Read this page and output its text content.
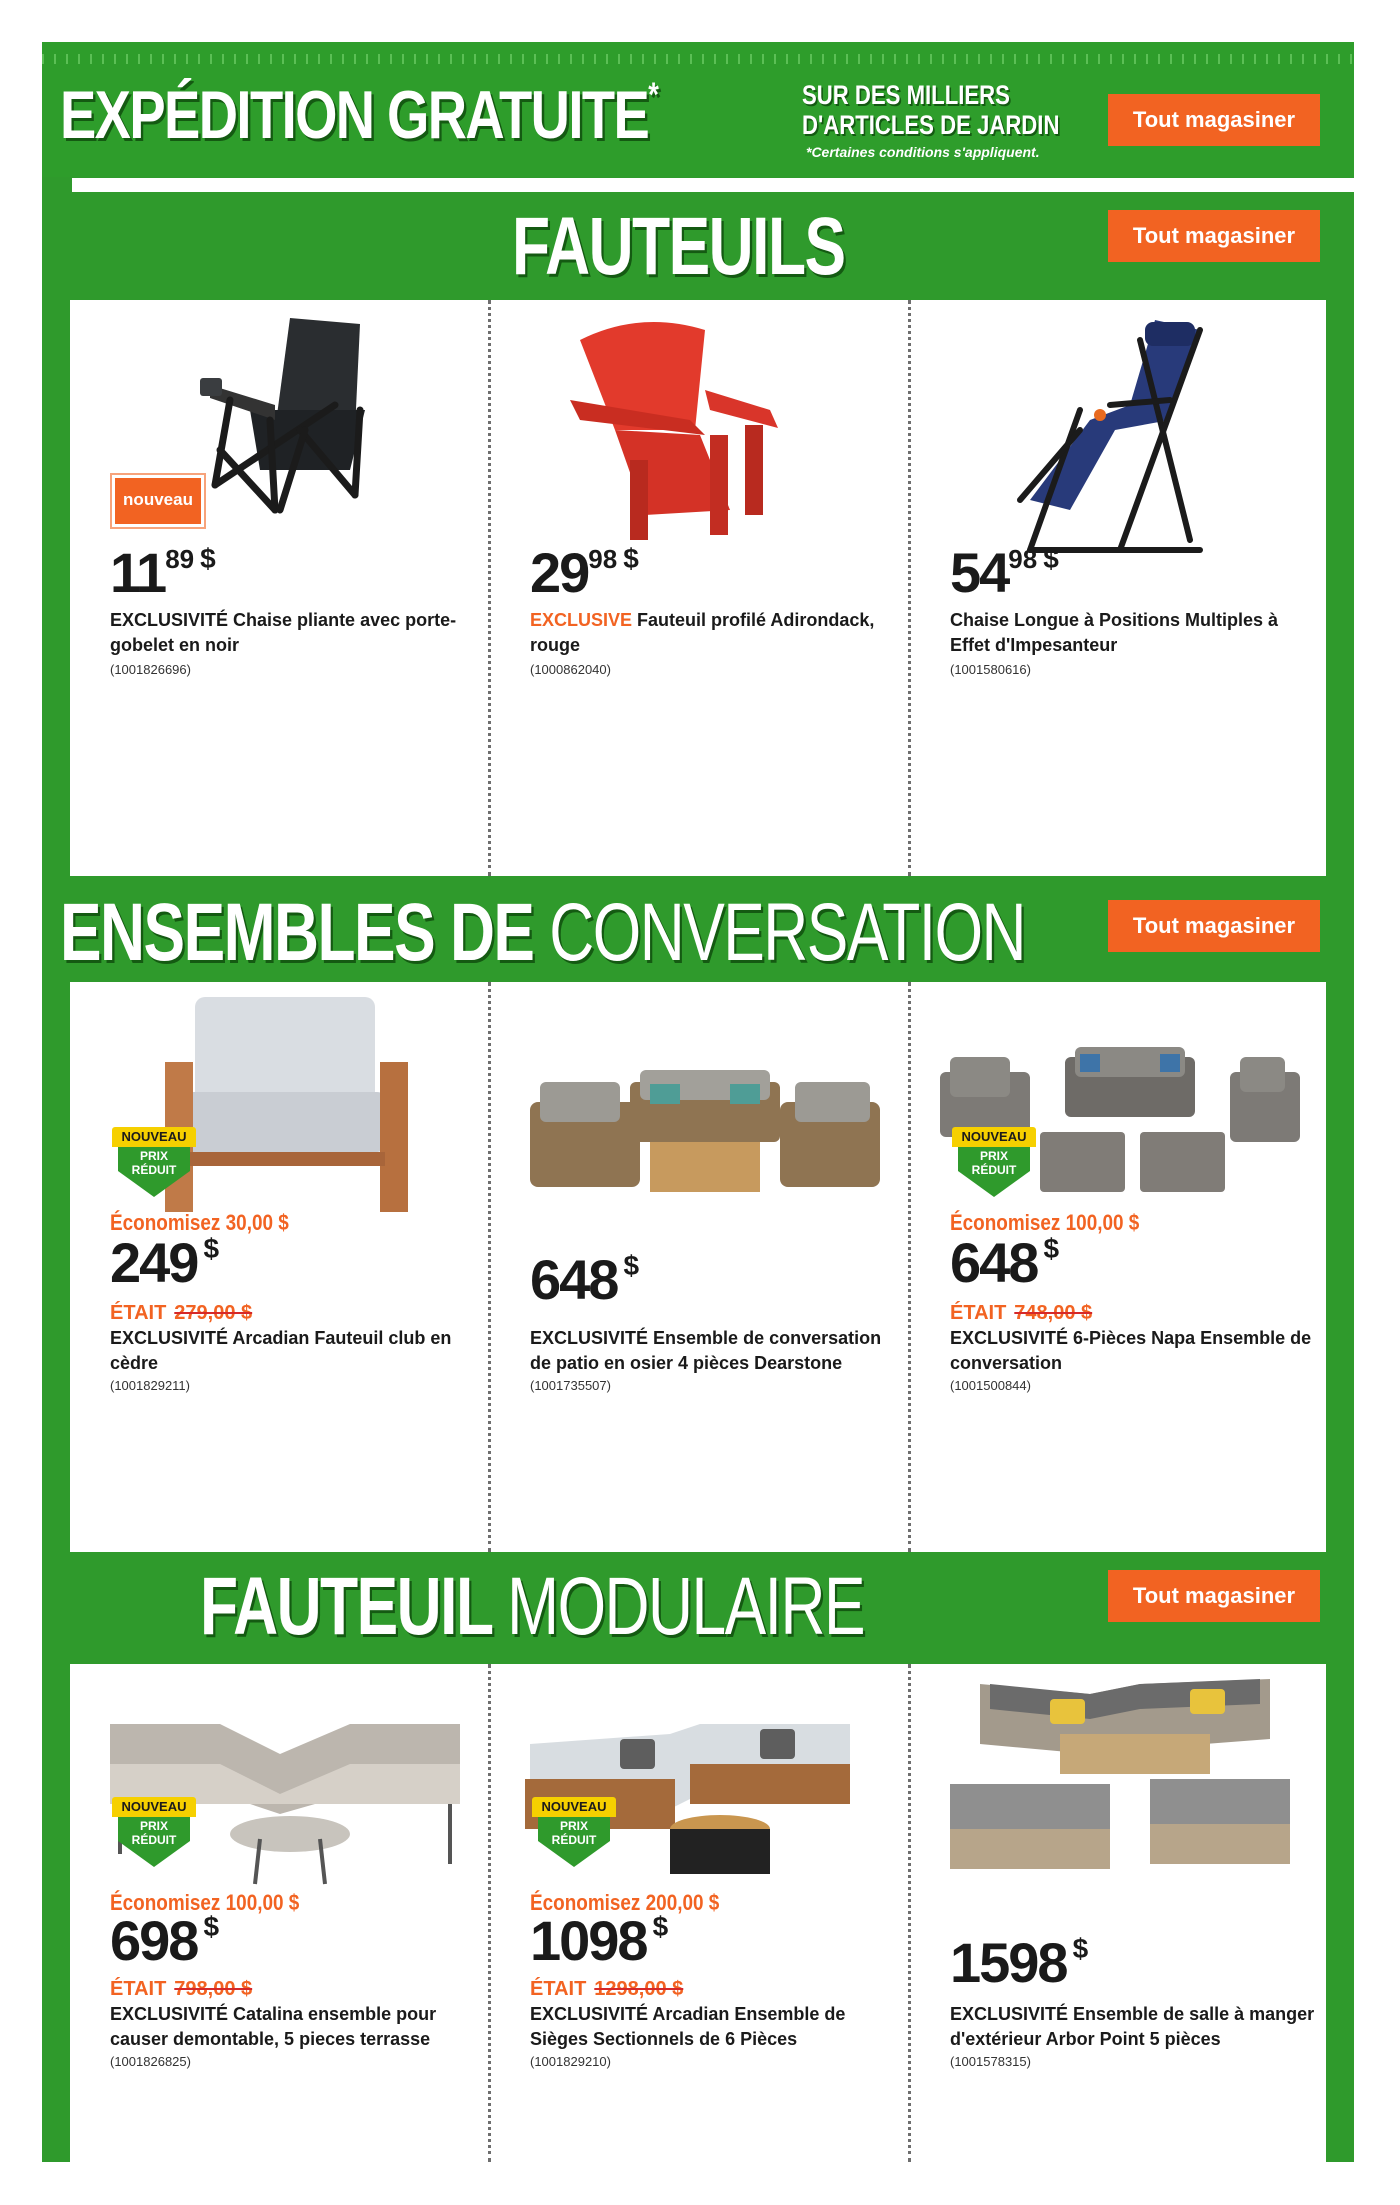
EXPÉDITION GRATUITE*	SUR DES MILLIERS
D'ARTICLES DE JARDIN
*Certaines conditions s'appliquent.
Tout magasiner
FAUTEUILS	Tout magasiner
nouveau
1189 $
EXCLUSIVITÉ Chaise pliante avec porte-gobelet en noir
(1001826696)
2998 $
EXCLUSIVE Fauteuil profilé Adirondack, rouge
(1000862040)
5498 $
Chaise Longue à Positions Multiples à Effet d'Impesanteur
(1001580616)
ENSEMBLES DE CONVERSATION	Tout magasiner
NOUVEAU
PRIX
RÉDUIT
Économisez 30,00 $
249 $
ÉTAIT 279,00 $
EXCLUSIVITÉ Arcadian Fauteuil club en cèdre
(1001829211)
648 $
EXCLUSIVITÉ Ensemble de conversation de patio en osier 4 pièces Dearstone
(1001735507)
NOUVEAU
PRIX
RÉDUIT
Économisez 100,00 $
648 $
ÉTAIT 748,00 $
EXCLUSIVITÉ 6-Pièces Napa Ensemble de conversation
(1001500844)
FAUTEUIL MODULAIRE	Tout magasiner
NOUVEAU
PRIX
RÉDUIT
Économisez 100,00 $
698 $
ÉTAIT 798,00 $
EXCLUSIVITÉ Catalina ensemble pour causer demontable, 5 pieces terrasse
(1001826825)
NOUVEAU
PRIX
RÉDUIT
Économisez 200,00 $
1098 $
ÉTAIT 1298,00 $
EXCLUSIVITÉ Arcadian Ensemble de Sièges Sectionnels de 6 Pièces
(1001829210)
1598 $
EXCLUSIVITÉ Ensemble de salle à manger d'extérieur Arbor Point 5 pièces
(1001578315)
